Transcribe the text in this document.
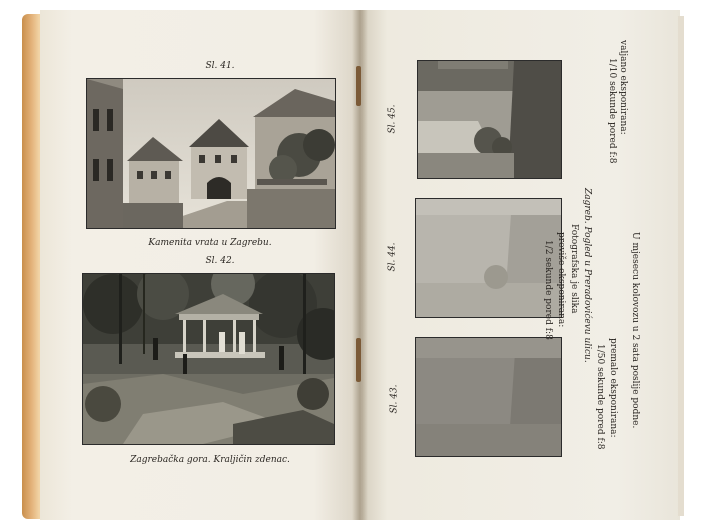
Sl. 41.
Kamenita vrata u Zagrebu.
Sl. 42.
Zagrebačka gora. Kraljičin zdenac.
Sl. 45.
Sl. 44.
Sl. 43.
valjano eksponirana:
1/10 sekunde pored f:8
Zagreb. Pogled u Preradovićevu ulicu.
Fotografska je slika
previše eksponirana:
1/2 sekunde pored f:8	U mjesecu kolovozu u 2 sata poslije podne.
premalo eksponirana:
1/50 sekunde pored f:8
